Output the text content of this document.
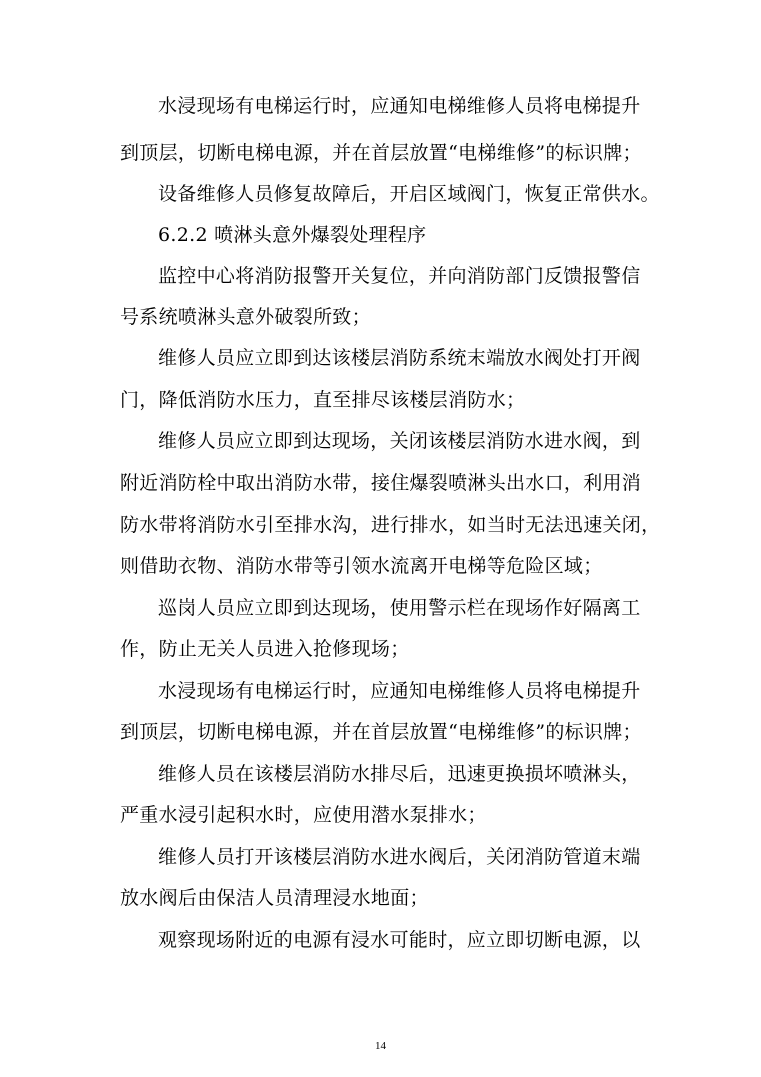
水浸现场有电梯运行时，应通知电梯维修人员将电梯提升
到顶层，切断电梯电源，并在首层放置“电梯维修”的标识牌；
设备维修人员修复故障后，开启区域阀门，恢复正常供水。
6.2.2 喷淋头意外爆裂处理程序
监控中心将消防报警开关复位，并向消防部门反馈报警信
号系统喷淋头意外破裂所致；
维修人员应立即到达该楼层消防系统末端放水阀处打开阀
门，降低消防水压力，直至排尽该楼层消防水；
维修人员应立即到达现场，关闭该楼层消防水进水阀，到
附近消防栓中取出消防水带，接住爆裂喷淋头出水口，利用消
防水带将消防水引至排水沟，进行排水，如当时无法迅速关闭，
则借助衣物、消防水带等引领水流离开电梯等危险区域；
巡岗人员应立即到达现场，使用警示栏在现场作好隔离工
作，防止无关人员进入抢修现场；
水浸现场有电梯运行时，应通知电梯维修人员将电梯提升
到顶层，切断电梯电源，并在首层放置“电梯维修”的标识牌；
维修人员在该楼层消防水排尽后，迅速更换损坏喷淋头，
严重水浸引起积水时，应使用潜水泵排水；
维修人员打开该楼层消防水进水阀后，关闭消防管道末端
放水阀后由保洁人员清理浸水地面；
观察现场附近的电源有浸水可能时，应立即切断电源，以
14
